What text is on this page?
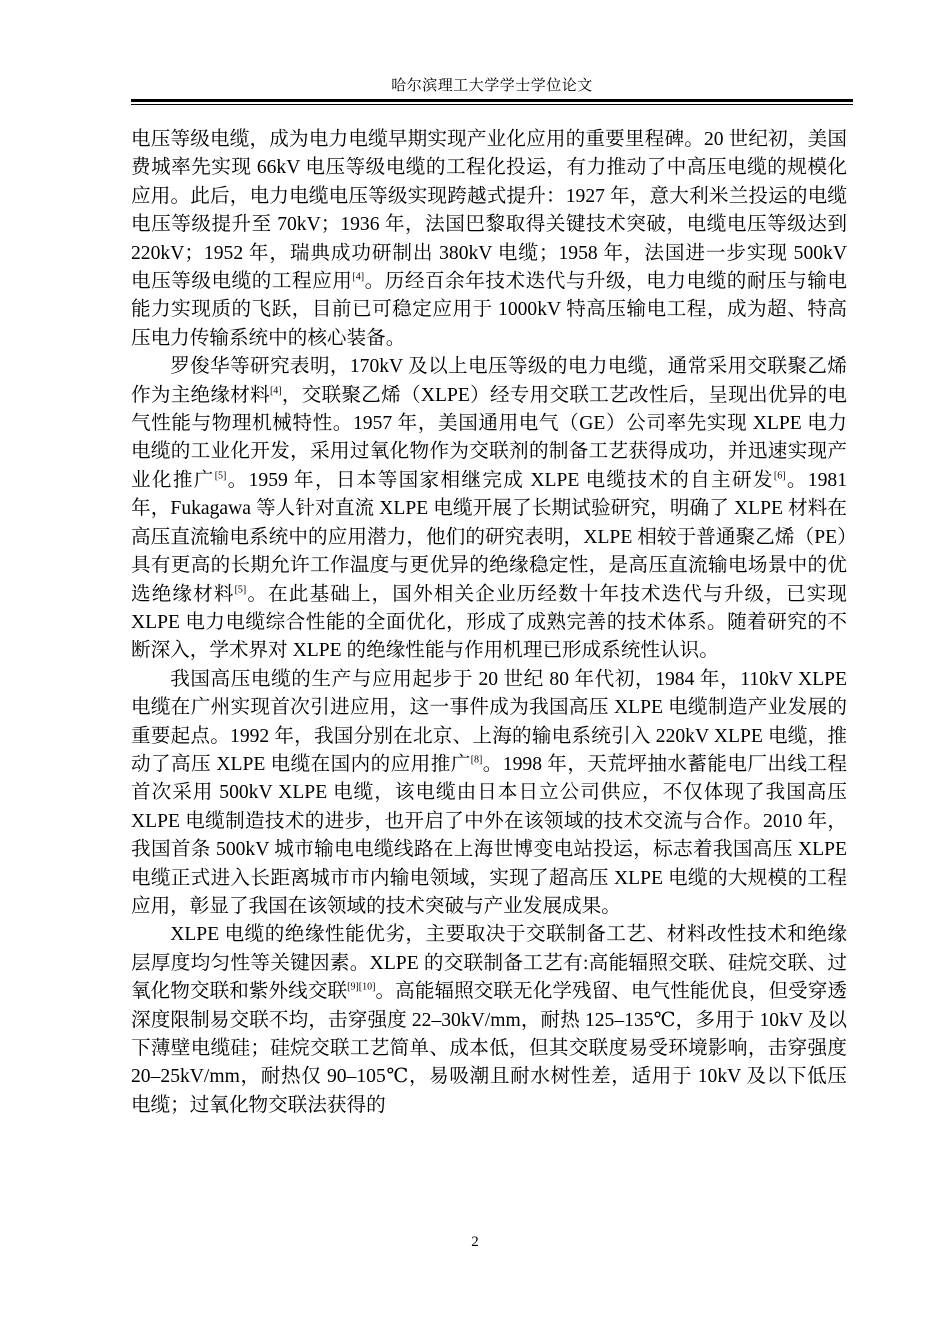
哈尔滨理工大学学士学位论文

电压等级电缆，成为电力电缆早期实现产业化应用的重要里程碑。20 世纪初，美国费城率先实现 66kV 电压等级电缆的工程化投运，有力推动了中高压电缆的规模化应用。此后，电力电缆电压等级实现跨越式提升：1927 年，意大利米兰投运的电缆电压等级提升至 70kV；1936 年，法国巴黎取得关键技术突破，电缆电压等级达到 220kV；1952 年，瑞典成功研制出 380kV 电缆；1958 年，法国进一步实现 500kV 电压等级电缆的工程应用[4]。历经百余年技术迭代与升级，电力电缆的耐压与输电能力实现质的飞跃，目前已可稳定应用于 1000kV 特高压输电工程，成为超、特高压电力传输系统中的核心装备。

罗俊华等研究表明，170kV 及以上电压等级的电力电缆，通常采用交联聚乙烯作为主绝缘材料[4]，交联聚乙烯（XLPE）经专用交联工艺改性后，呈现出优异的电气性能与物理机械特性。1957 年，美国通用电气（GE）公司率先实现 XLPE 电力电缆的工业化开发，采用过氧化物作为交联剂的制备工艺获得成功，并迅速实现产业化推广[5]。1959 年，日本等国家相继完成 XLPE 电缆技术的自主研发[6]。1981 年，Fukagawa 等人针对直流 XLPE 电缆开展了长期试验研究，明确了 XLPE 材料在高压直流输电系统中的应用潜力，他们的研究表明，XLPE 相较于普通聚乙烯（PE）具有更高的长期允许工作温度与更优异的绝缘稳定性，是高压直流输电场景中的优选绝缘材料[5]。在此基础上，国外相关企业历经数十年技术迭代与升级，已实现 XLPE 电力电缆综合性能的全面优化，形成了成熟完善的技术体系。随着研究的不断深入，学术界对 XLPE 的绝缘性能与作用机理已形成系统性认识。

我国高压电缆的生产与应用起步于 20 世纪 80 年代初，1984 年，110kV XLPE 电缆在广州实现首次引进应用，这一事件成为我国高压 XLPE 电缆制造产业发展的重要起点。1992 年，我国分别在北京、上海的输电系统引入 220kV XLPE 电缆，推动了高压 XLPE 电缆在国内的应用推广[8]。1998 年，天荒坪抽水蓄能电厂出线工程首次采用 500kV XLPE 电缆，该电缆由日本日立公司供应，不仅体现了我国高压 XLPE 电缆制造技术的进步，也开启了中外在该领域的技术交流与合作。2010 年，我国首条 500kV 城市输电电缆线路在上海世博变电站投运，标志着我国高压 XLPE 电缆正式进入长距离城市市内输电领域，实现了超高压 XLPE 电缆的大规模的工程应用，彰显了我国在该领域的技术突破与产业发展成果。

XLPE 电缆的绝缘性能优劣，主要取决于交联制备工艺、材料改性技术和绝缘层厚度均匀性等关键因素。XLPE 的交联制备工艺有:高能辐照交联、硅烷交联、过氧化物交联和紫外线交联[9][10]。高能辐照交联无化学残留、电气性能优良，但受穿透深度限制易交联不均，击穿强度 22–30kV/mm，耐热 125–135℃，多用于 10kV 及以下薄壁电缆硅；硅烷交联工艺简单、成本低，但其交联度易受环境影响，击穿强度 20–25kV/mm，耐热仅 90–105℃，易吸潮且耐水树性差，适用于 10kV 及以下低压电缆；过氧化物交联法获得的

2
